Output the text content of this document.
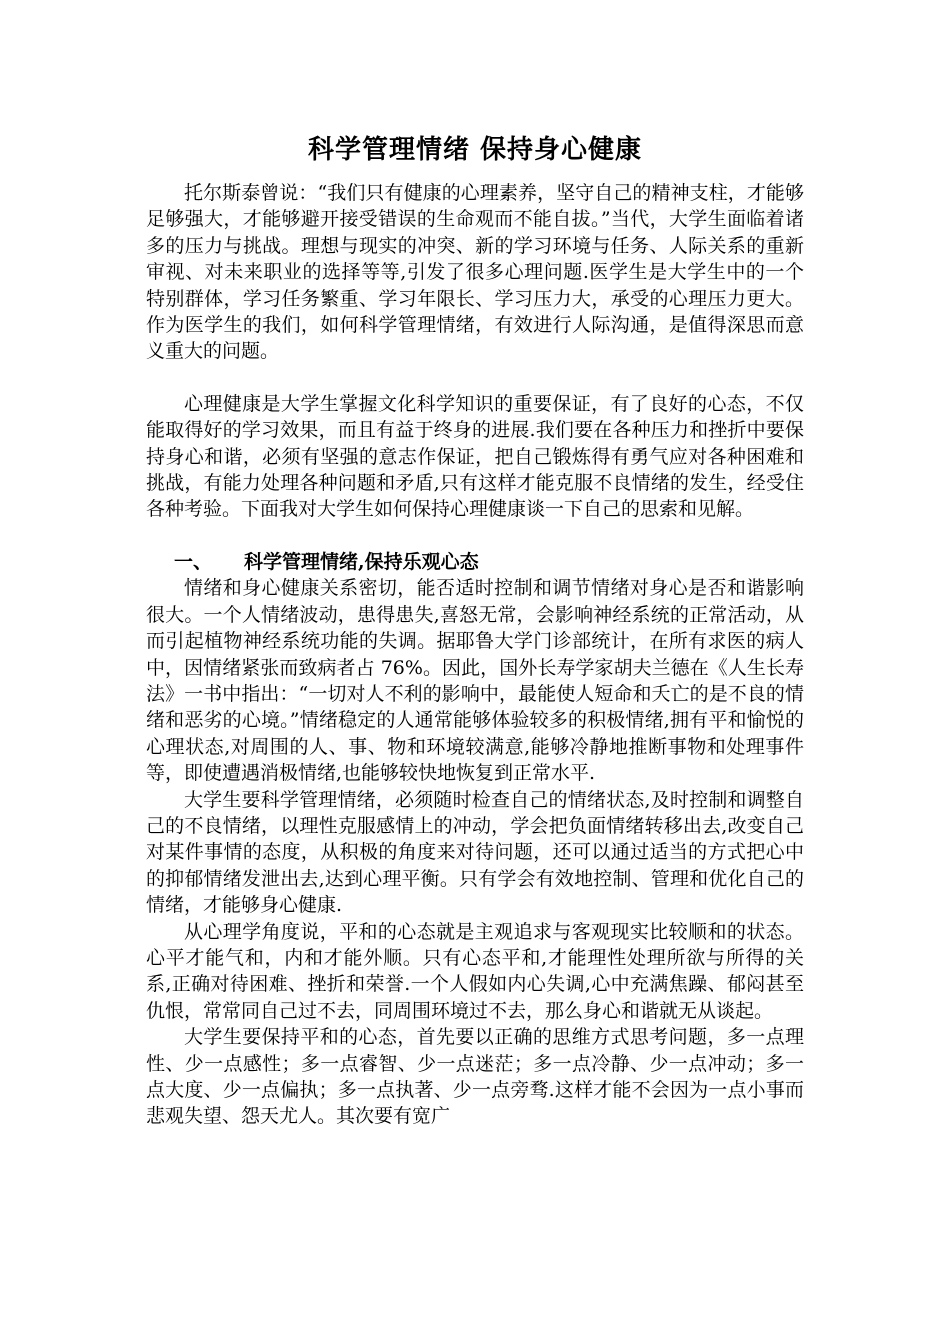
科学管理情绪 保持身心健康

托尔斯泰曾说：“我们只有健康的心理素养，坚守自己的精神支柱，才能够足够强大，才能够避开接受错误的生命观而不能自拔。”当代，大学生面临着诸多的压力与挑战。理想与现实的冲突、新的学习环境与任务、人际关系的重新审视、对未来职业的选择等等,引发了很多心理问题.医学生是大学生中的一个特别群体，学习任务繁重、学习年限长、学习压力大，承受的心理压力更大。作为医学生的我们，如何科学管理情绪，有效进行人际沟通，是值得深思而意义重大的问题。

心理健康是大学生掌握文化科学知识的重要保证，有了良好的心态，不仅能取得好的学习效果，而且有益于终身的进展.我们要在各种压力和挫折中要保持身心和谐，必须有坚强的意志作保证，把自己锻炼得有勇气应对各种困难和挑战，有能力处理各种问题和矛盾,只有这样才能克服不良情绪的发生，经受住各种考验。下面我对大学生如何保持心理健康谈一下自己的思索和见解。

一、 科学管理情绪,保持乐观心态

情绪和身心健康关系密切，能否适时控制和调节情绪对身心是否和谐影响很大。一个人情绪波动，患得患失,喜怒无常，会影响神经系统的正常活动，从而引起植物神经系统功能的失调。据耶鲁大学门诊部统计，在所有求医的病人中，因情绪紧张而致病者占 76%。因此，国外长寿学家胡夫兰德在《人生长寿法》一书中指出：“一切对人不利的影响中，最能使人短命和夭亡的是不良的情绪和恶劣的心境。”情绪稳定的人通常能够体验较多的积极情绪,拥有平和愉悦的心理状态,对周围的人、事、物和环境较满意,能够冷静地推断事物和处理事件等，即使遭遇消极情绪,也能够较快地恢复到正常水平.

大学生要科学管理情绪，必须随时检查自己的情绪状态,及时控制和调整自己的不良情绪，以理性克服感情上的冲动，学会把负面情绪转移出去,改变自己对某件事情的态度，从积极的角度来对待问题，还可以通过适当的方式把心中的抑郁情绪发泄出去,达到心理平衡。只有学会有效地控制、管理和优化自己的情绪，才能够身心健康.

从心理学角度说，平和的心态就是主观追求与客观现实比较顺和的状态。心平才能气和，内和才能外顺。只有心态平和,才能理性处理所欲与所得的关系,正确对待困难、挫折和荣誉.一个人假如内心失调,心中充满焦躁、郁闷甚至仇恨，常常同自己过不去，同周围环境过不去，那么身心和谐就无从谈起。

大学生要保持平和的心态，首先要以正确的思维方式思考问题，多一点理性、少一点感性；多一点睿智、少一点迷茫；多一点冷静、少一点冲动；多一点大度、少一点偏执；多一点执著、少一点旁骛.这样才能不会因为一点小事而悲观失望、怨天尤人。其次要有宽广
